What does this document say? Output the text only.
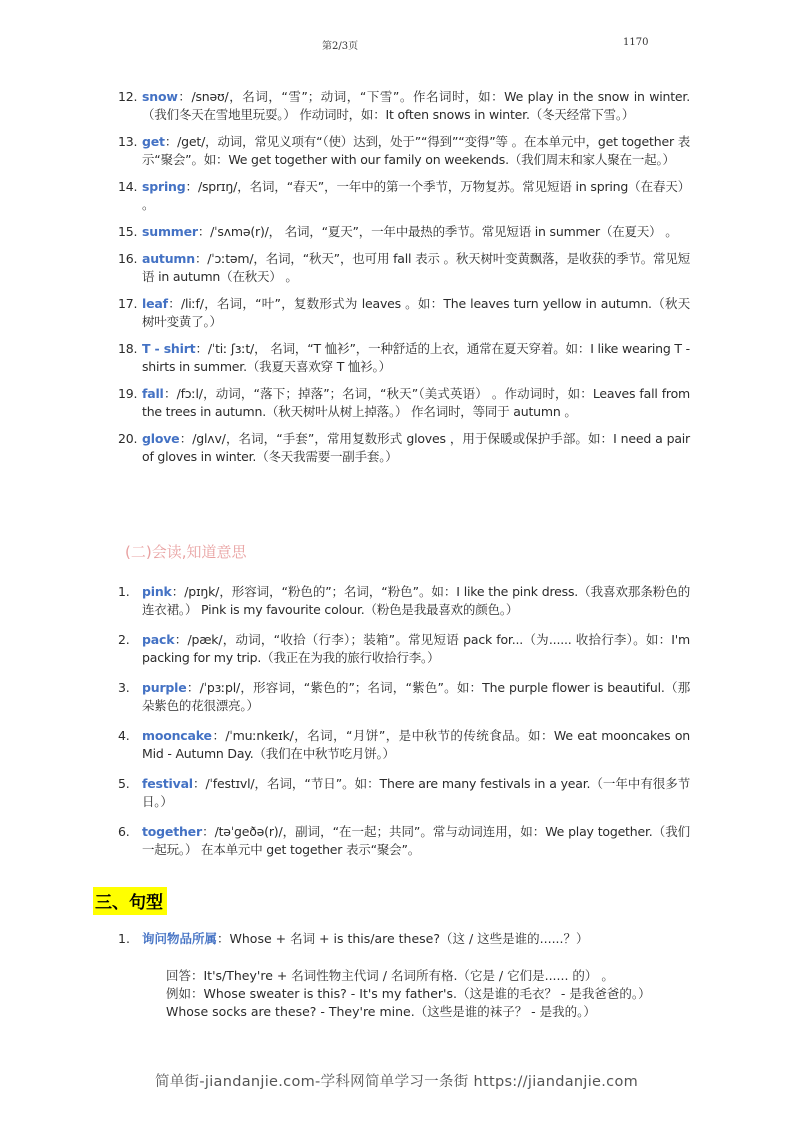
第2/3页	1170
12. snow：/snəʊ/，名词，“雪”；动词，“下雪”。作名词时，如：We play in the snow in winter.（我们冬天在雪地里玩耍。） 作动词时，如：It often snows in winter.（冬天经常下雪。）
13. get：/get/，动词，常见义项有“（使）达到，处于”“得到”“变得”等 。在本单元中，get together 表示“聚会”。如：We get together with our family on weekends.（我们周末和家人聚在一起。）
14. spring：/sprɪŋ/，名词，“春天”，一年中的第一个季节，万物复苏。常见短语 in spring（在春天） 。
15. summer：/ˈsʌmə(r)/， 名词，“夏天”，一年中最热的季节。常见短语 in summer（在夏天） 。
16. autumn：/ˈɔːtəm/，名词，“秋天”，也可用 fall 表示 。秋天树叶变黄飘落，是收获的季节。常见短语 in autumn（在秋天） 。
17. leaf：/liːf/，名词，“叶”，复数形式为 leaves 。如：The leaves turn yellow in autumn.（秋天树叶变黄了。）
18. T - shirt：/ˈtiː ʃɜːt/， 名词，“T 恤衫”，一种舒适的上衣，通常在夏天穿着。如：I like wearing T - shirts in summer.（我夏天喜欢穿 T 恤衫。）
19. fall：/fɔːl/，动词，“落下；掉落”；名词，“秋天”（美式英语） 。作动词时，如：Leaves fall from the trees in autumn.（秋天树叶从树上掉落。） 作名词时，等同于 autumn 。
20. glove：/glʌv/，名词，“手套”，常用复数形式 gloves ，用于保暖或保护手部。如：I need a pair of gloves in winter.（冬天我需要一副手套。）
(二)会读,知道意思
1. pink：/pɪŋk/，形容词，“粉色的”；名词，“粉色”。如：I like the pink dress.（我喜欢那条粉色的连衣裙。） Pink is my favourite colour.（粉色是我最喜欢的颜色。）
2. pack：/pæk/，动词，“收拾（行李）；装箱”。常见短语 pack for...（为...... 收拾行李）。如：I'm packing for my trip.（我正在为我的旅行收拾行李。）
3. purple：/ˈpɜːpl/，形容词，“紫色的”；名词，“紫色”。如：The purple flower is beautiful.（那朵紫色的花很漂亮。）
4. mooncake：/ˈmuːnkeɪk/，名词，“月饼”，是中秋节的传统食品。如：We eat mooncakes on Mid - Autumn Day.（我们在中秋节吃月饼。）
5. festival：/ˈfestɪvl/，名词，“节日”。如：There are many festivals in a year.（一年中有很多节日。）
6. together：/təˈgeðə(r)/，副词，“在一起；共同”。常与动词连用，如：We play together.（我们一起玩。） 在本单元中 get together 表示“聚会”。
三、句型
1. 询问物品所属：Whose + 名词 + is this/are these?（这 / 这些是谁的......？）
回答：It's/They're + 名词性物主代词 / 名词所有格.（它是 / 它们是...... 的） 。
例如：Whose sweater is this? - It's my father's.（这是谁的毛衣？ - 是我爸爸的。）
Whose socks are these? - They're mine.（这些是谁的袜子？ - 是我的。）
简单街-jiandanjie.com-学科网简单学习一条街 https://jiandanjie.com
